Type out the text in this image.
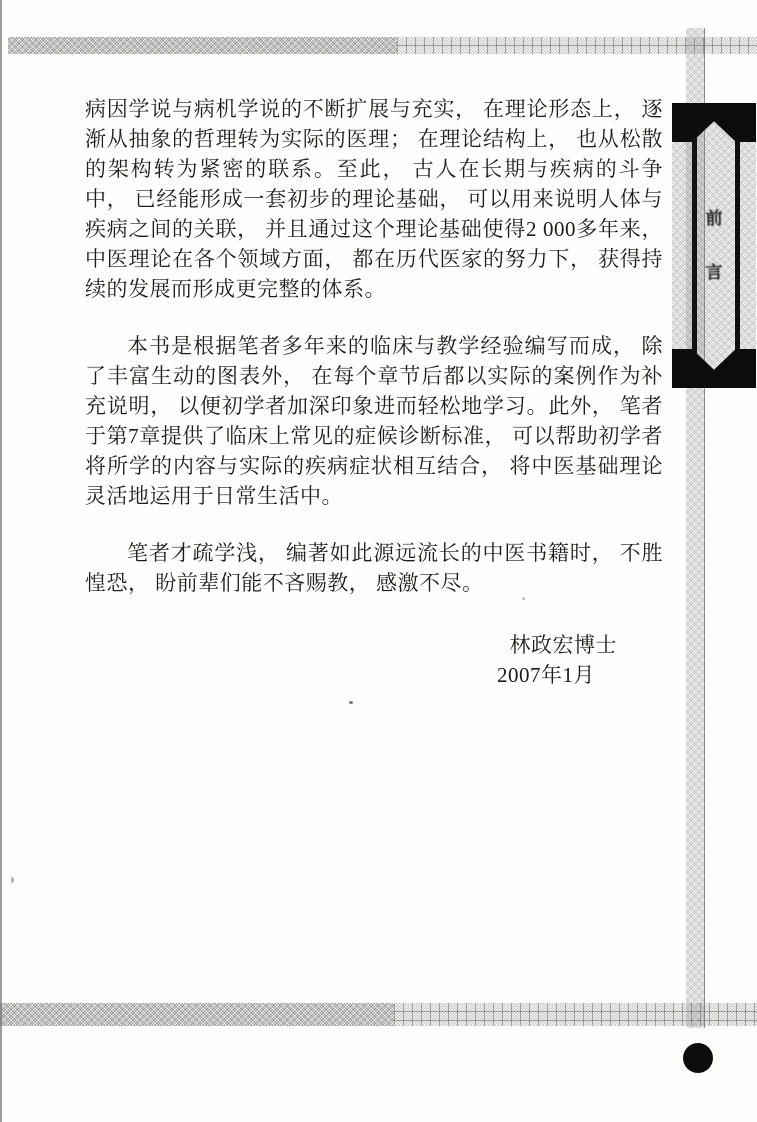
前
言

病因学说与病机学说的不断扩展与充实， 在理论形态上， 逐渐从抽象的哲理转为实际的医理； 在理论结构上， 也从松散的架构转为紧密的联系。至此， 古人在长期与疾病的斗争中， 已经能形成一套初步的理论基础， 可以用来说明人体与疾病之间的关联， 并且通过这个理论基础使得2 000多年来， 中医理论在各个领域方面， 都在历代医家的努力下， 获得持续的发展而形成更完整的体系。

本书是根据笔者多年来的临床与教学经验编写而成， 除了丰富生动的图表外， 在每个章节后都以实际的案例作为补充说明， 以便初学者加深印象进而轻松地学习。此外， 笔者于第7章提供了临床上常见的症候诊断标准， 可以帮助初学者将所学的内容与实际的疾病症状相互结合， 将中医基础理论灵活地运用于日常生活中。

笔者才疏学浅， 编著如此源远流长的中医书籍时， 不胜惶恐， 盼前辈们能不吝赐教， 感激不尽。

林政宏博士
2007年1月
